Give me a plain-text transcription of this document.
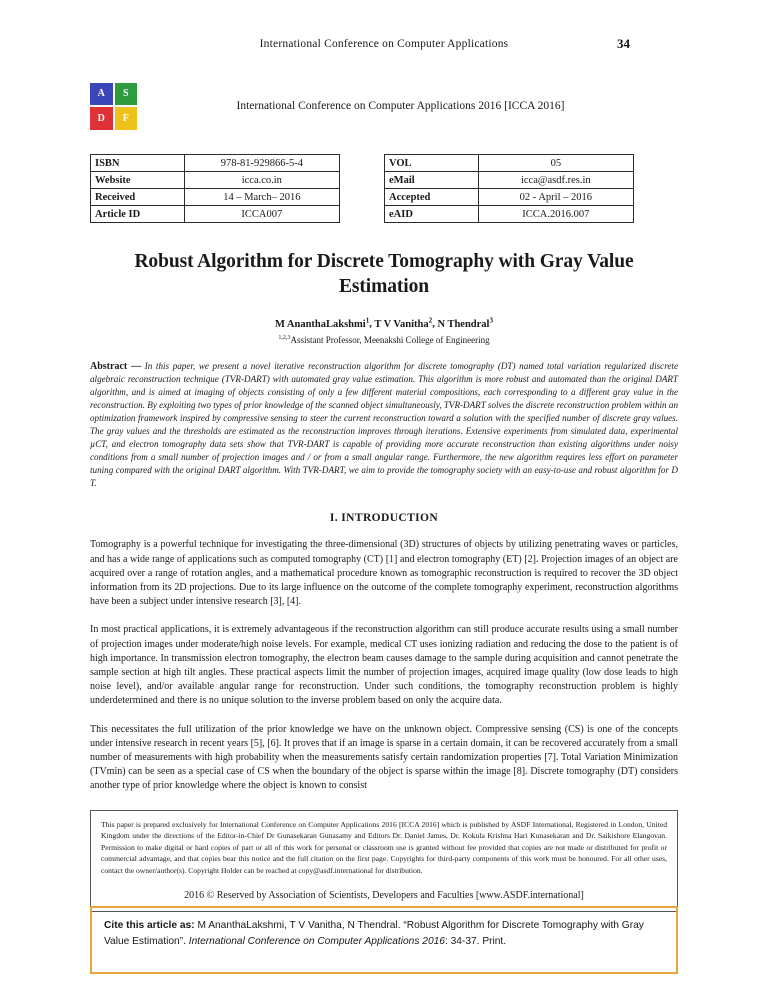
International Conference on Computer Applications	34
A	S
D	F
International Conference on Computer Applications 2016 [ICCA 2016]
ISBN	978-81-929866-5-4
Website	icca.co.in
Received	14 – March– 2016
Article ID	ICCA007
VOL	05
eMail	icca@asdf.res.in
Accepted	02 - April – 2016
eAID	ICCA.2016.007
Robust Algorithm for Discrete Tomography with Gray Value Estimation
M AnanthaLakshmi$^1$, T V Vanitha$^2$, N Thendral$^3$
$^{1,2,3}$Assistant Professor, Meenakshi College of Engineering
Abstract — In this paper, we present a novel iterative reconstruction algorithm for discrete tomography (DT) named total variation regularized discrete algebraic reconstruction technique (TVR-DART) with automated gray value estimation. This algorithm is more robust and automated than the original DART algorithm, and is aimed at imaging of objects consisting of only a few different material compositions, each corresponding to a different gray value in the reconstruction. By exploiting two types of prior knowledge of the scanned object simultaneously, TVR-DART solves the discrete reconstruction problem within an optimization framework inspired by compressive sensing to steer the current reconstruction toward a solution with the specified number of discrete gray values. The gray values and the thresholds are estimated as the reconstruction improves through iterations. Extensive experiments from simulated data, experimental µCT, and electron tomography data sets show that TVR-DART is capable of providing more accurate reconstruction than existing algorithms under noisy conditions from a small number of projection images and / or from a small angular range. Furthermore, the new algorithm requires less effort on parameter tuning compared with the original DART algorithm. With TVR-DART, we aim to provide the tomography society with an easy-to-use and robust algorithm for D T.
I. INTRODUCTION
Tomography is a powerful technique for investigating the three-dimensional (3D) structures of objects by utilizing penetrating waves or particles, and has a wide range of applications such as computed tomography (CT) [1] and electron tomography (ET) [2]. Projection images of an object are acquired over a range of rotation angles, and a mathematical procedure known as tomographic reconstruction is required to recover the 3D object information from its 2D projections. Due to its large influence on the outcome of the complete tomography experiment, reconstruction algorithms have been a subject under intensive research [3], [4].
In most practical applications, it is extremely advantageous if the reconstruction algorithm can still produce accurate results using a small number of projection images under moderate/high noise levels. For example, medical CT uses ionizing radiation and reducing the dose to the patient is of high importance. In transmission electron tomography, the electron beam causes damage to the sample during acquisition and cannot penetrate the sample section at high tilt angles. These practical aspects limit the number of projection images, acquired image quality (low dose leads to high noise level), and/or available angular range for reconstruction. Under such conditions, the tomography reconstruction problem is highly underdetermined and there is no unique solution to the inverse problem based on only the acquire data.
This necessitates the full utilization of the prior knowledge we have on the unknown object. Compressive sensing (CS) is one of the concepts under intensive research in recent years [5], [6]. It proves that if an image is sparse in a certain domain, it can be recovered accurately from a small number of measurements with high probability when the measurements satisfy certain randomization properties [7]. Total Variation Minimization (TVmin) can be seen as a special case of CS when the boundary of the object is sparse within the image [8]. Discrete tomography (DT) considers another type of prior knowledge where the object is known to consist
This paper is prepared exclusively for International Conference on Computer Applications 2016 [ICCA 2016] which is published by ASDF International, Registered in London, United Kingdom under the directions of the Editor-in-Chief Dr Gunasekaran Gunasamy and Editors Dr. Daniel James, Dr. Kokula Krishna Hari Kunasekaran and Dr. Saikishore Elangovan. Permission to make digital or hard copies of part or all of this work for personal or classroom use is granted without fee provided that copies are not made or distributed for profit or commercial advantage, and that copies bear this notice and the full citation on the first page. Copyrights for third-party components of this work must be honoured. For all other uses, contact the owner/author(s). Copyright Holder can be reached at copy@asdf.international for distribution.
2016 © Reserved by Association of Scientists, Developers and Faculties [www.ASDF.international]
Cite this article as: M AnanthaLakshmi, T V Vanitha, N Thendral. “Robust Algorithm for Discrete Tomography with Gray Value Estimation”. International Conference on Computer Applications 2016: 34-37. Print.
